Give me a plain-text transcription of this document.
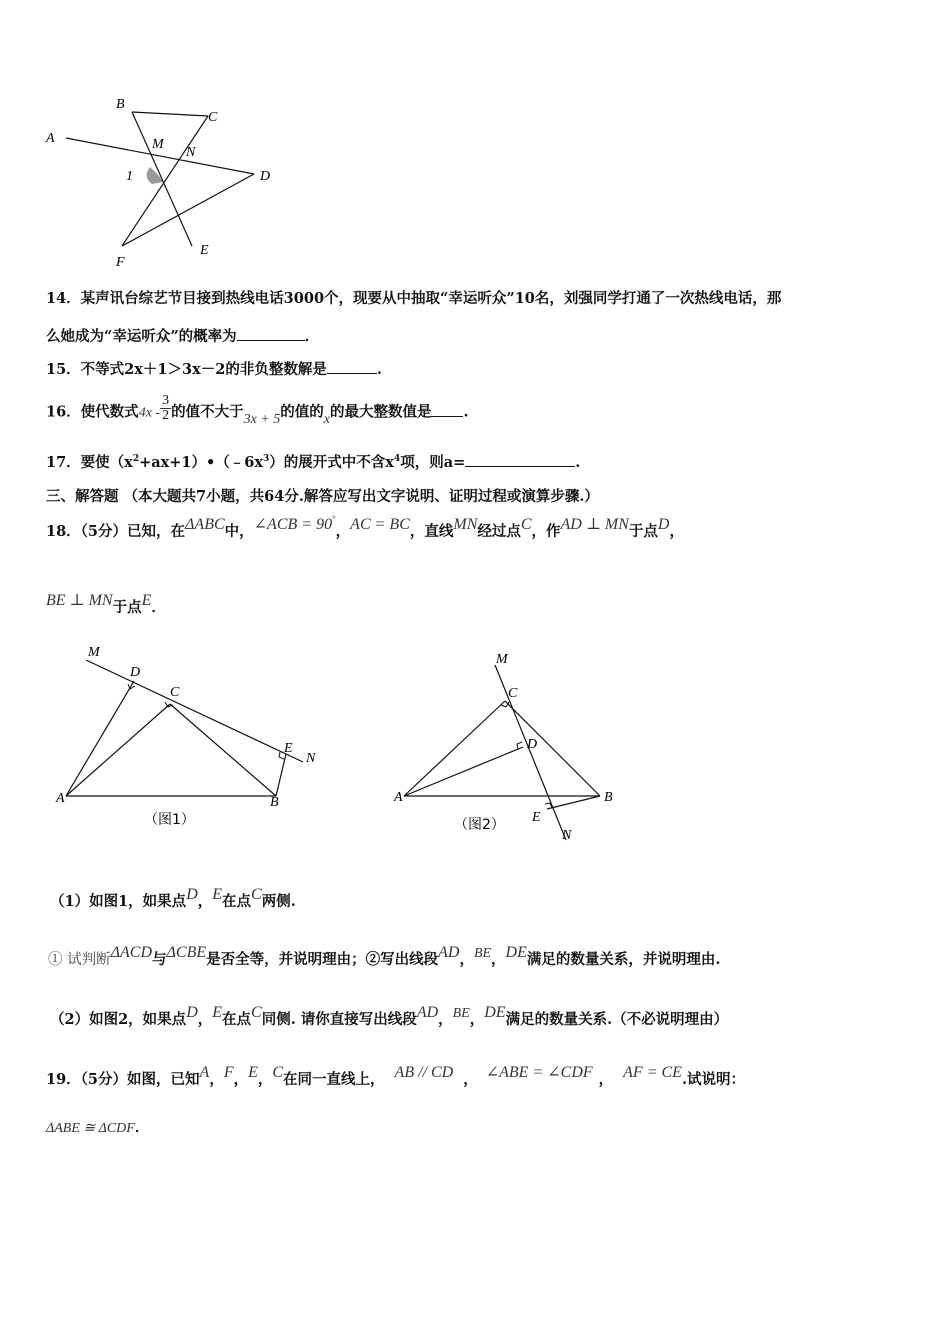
B
C
A	M
N
D
1
F
E
14．某声讯台综艺节目接到热线电话3000个，现要从中抽取“幸运听众”10名，刘强同学打通了一次热线电话，那
么她成为“幸运听众”的概率为	．
15．不等式2x＋1＞3x－2的非负整数解是	.
16．使代数式$4x - \frac{3}{2}$ 的值不大于3x + 5的值的x的最大整数值是 .
17．要使$(x^2+ax+1)•(﹣6x^3)$的展开式中不含$x^4$项，则a=	.
三、解答题 （本大题共7小题，共64分.解答应写出文字说明、证明过程或演算步骤.）
18．（5分）已知，在ΔABC中，∠ACB = 90°，AC = BC，直线MN经过点C，作AD ⊥ MN于点D，
BE ⊥ MN于点E．
M
D
C
E
N
A	B
（图1）
M
C
D
A	B
E
N
（图2）
（1）如图1，如果点D，E在点C两侧.
① 试判断ΔACD与ΔCBE是否全等，并说明理由；②写出线段AD，BE，DE满足的数量关系，并说明理由.
（2）如图2，如果点D，E在点C同侧. 请你直接写出线段AD，BE，DE满足的数量关系.（不必说明理由）
19．（5分）如图，已知A，F，E，C在同一直线上， AB // CD ， ∠ABE = ∠CDF ， AF = CE.试说明：
ΔABE ≅ ΔCDF．
